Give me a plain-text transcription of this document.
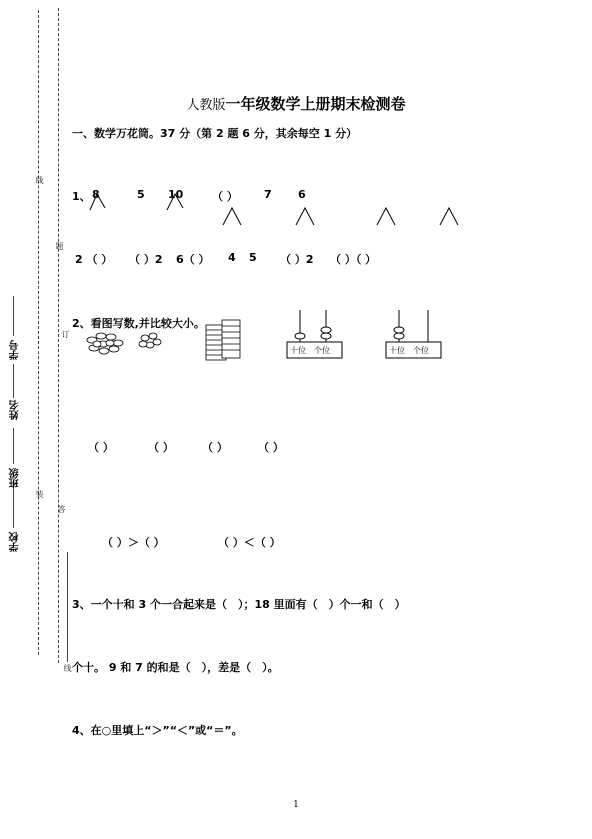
线
题
订
装
答
线
学校
班级
姓名
学号
人教版一年级数学上册期末检测卷
一、数学万花筒。37 分（第 2 题 6 分，其余每空 1 分）
1、 8	5 10	（ ） 7 6
2 （ ） （ ）2 6（ ） 4 5 （ ）2 （ ）（ ）
2、看图写数,并比较大小。
十位 个位	十位 个位
（ ）	（ ）	（ ）	（ ）
（ ）＞（ ）	（ ）＜（ ）
3、一个十和 3 个一合起来是（　）；18 里面有（　）个一和（　）
个十。 9 和 7 的和是（　），差是（　）。
4、在○里填上“＞”“＜”或“＝”。
1
